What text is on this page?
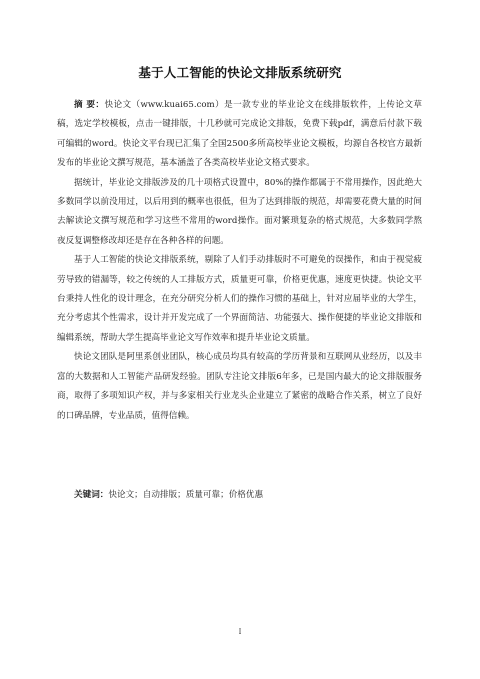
基于人工智能的快论文排版系统研究

摘 要：快论文（www.kuai65.com）是一款专业的毕业论文在线排版软件，上传论文草稿，选定学校模板，点击一键排版，十几秒就可完成论文排版，免费下载pdf，满意后付款下载可编辑的word。快论文平台现已汇集了全国2500多所高校毕业论文模板，均源自各校官方最新发布的毕业论文撰写规范，基本涵盖了各类高校毕业论文格式要求。

据统计，毕业论文排版涉及的几十项格式设置中，80%的操作都属于不常用操作，因此绝大多数同学以前没用过，以后用到的概率也很低，但为了达到排版的规范，却需要花费大量的时间去解读论文撰写规范和学习这些不常用的word操作。面对繁琐复杂的格式规范，大多数同学熬夜反复调整修改却还是存在各种各样的问题。

基于人工智能的快论文排版系统，剔除了人们手动排版时不可避免的误操作，和由于视觉疲劳导致的错漏等，较之传统的人工排版方式，质量更可靠，价格更优惠，速度更快捷。快论文平台秉持人性化的设计理念，在充分研究分析人们的操作习惯的基础上，针对应届毕业的大学生，充分考虑其个性需求，设计并开发完成了一个界面简洁、功能强大、操作便捷的毕业论文排版和编辑系统，帮助大学生提高毕业论文写作效率和提升毕业论文质量。

快论文团队是阿里系创业团队，核心成员均具有较高的学历背景和互联网从业经历，以及丰富的大数据和人工智能产品研发经验。团队专注论文排版6年多，已是国内最大的论文排版服务商，取得了多项知识产权，并与多家相关行业龙头企业建立了紧密的战略合作关系，树立了良好的口碑品牌，专业品质，值得信赖。

关键词：快论文；自动排版；质量可靠；价格优惠
I
